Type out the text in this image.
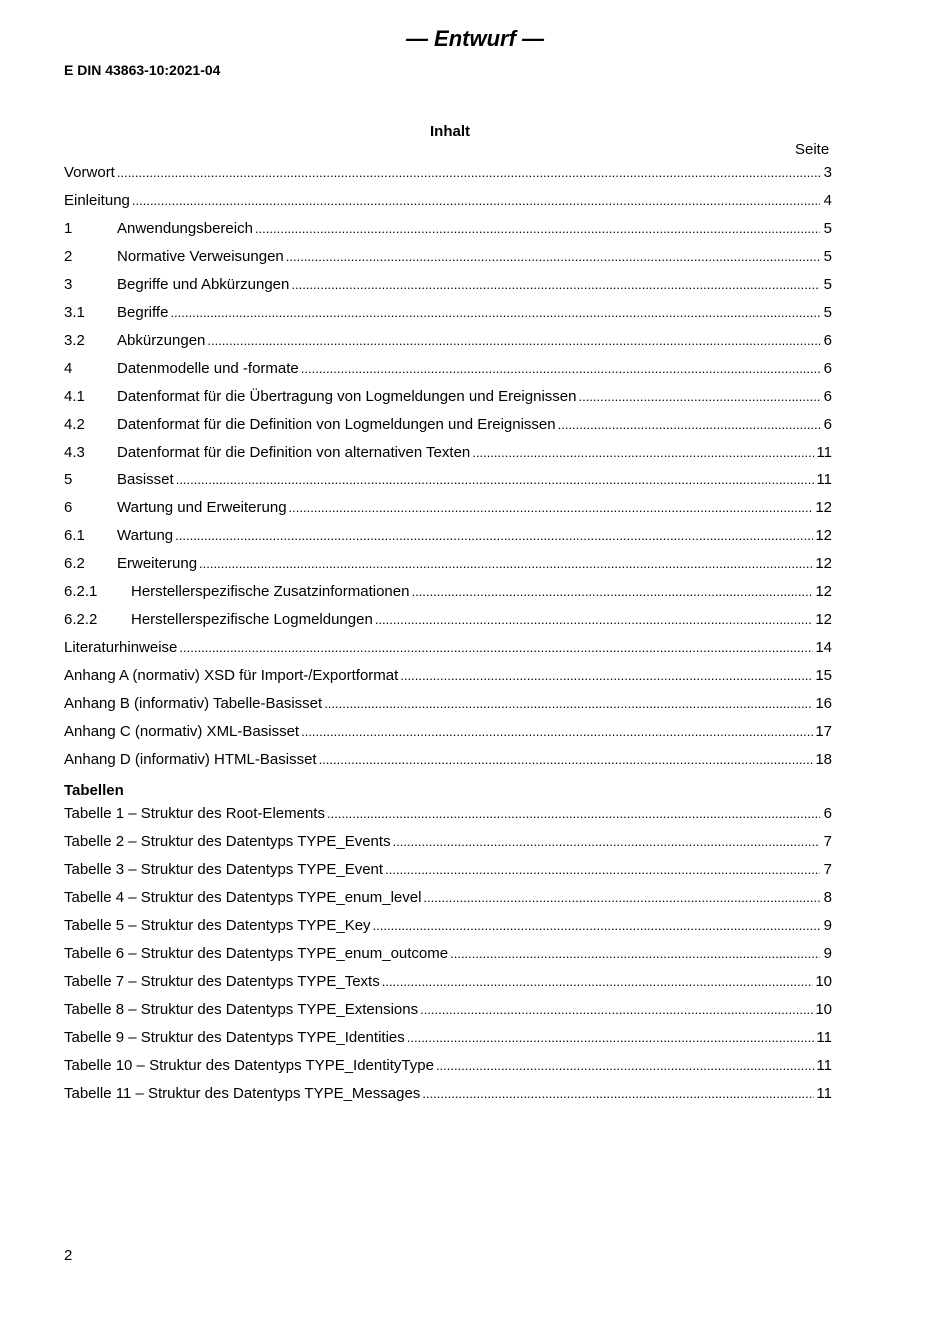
— Entwurf —
E DIN 43863-10:2021-04
Inhalt
Seite
Vorwort .....	3
Einleitung .....	4
1	Anwendungsbereich .....	5
2	Normative Verweisungen .....	5
3	Begriffe und Abkürzungen .....	5
3.1	Begriffe .....	5
3.2	Abkürzungen .....	6
4	Datenmodelle und -formate .....	6
4.1	Datenformat für die Übertragung von Logmeldungen und Ereignissen .....	6
4.2	Datenformat für die Definition von Logmeldungen und Ereignissen .....	6
4.3	Datenformat für die Definition von alternativen Texten .....	11
5	Basisset .....	11
6	Wartung und Erweiterung .....	12
6.1	Wartung .....	12
6.2	Erweiterung .....	12
6.2.1	Herstellerspezifische Zusatzinformationen .....	12
6.2.2	Herstellerspezifische Logmeldungen .....	12
Literaturhinweise .....	14
Anhang A (normativ) XSD für Import-/Exportformat .....	15
Anhang B (informativ) Tabelle-Basisset .....	16
Anhang C (normativ) XML-Basisset .....	17
Anhang D (informativ) HTML-Basisset .....	18
Tabellen
Tabelle 1 – Struktur des Root-Elements .....	6
Tabelle 2 – Struktur des Datentyps TYPE_Events .....	7
Tabelle 3 – Struktur des Datentyps TYPE_Event .....	7
Tabelle 4 – Struktur des Datentyps TYPE_enum_level .....	8
Tabelle 5 – Struktur des Datentyps TYPE_Key .....	9
Tabelle 6 – Struktur des Datentyps TYPE_enum_outcome .....	9
Tabelle 7 – Struktur des Datentyps TYPE_Texts .....	10
Tabelle 8 – Struktur des Datentyps TYPE_Extensions .....	10
Tabelle 9 – Struktur des Datentyps TYPE_Identities .....	11
Tabelle 10 – Struktur des Datentyps TYPE_IdentityType .....	11
Tabelle 11 – Struktur des Datentyps TYPE_Messages .....	11
2
